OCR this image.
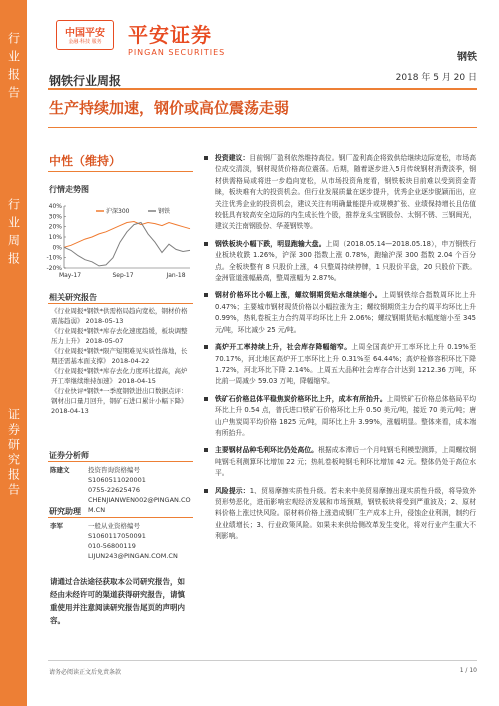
行业报告
行业周报
证券研究报告
中国平安
金融·科技 服务	平安证券
PINGAN SECURITIES	钢铁
钢铁行业周报	2018 年 5 月 20 日
生产持续加速，钢价或高位震荡走弱
中性（维持）
行情走势图
40%
30%
20%
10%
0%
-10%
-20%
May-17	Sep-17	Jan-18
沪深300	钢铁
相关研究报告
《行业周报*钢铁*供需格局趋向宽松，钢材价格震荡趋弱》 2018-05-13
《行业周报*钢铁*库存去化速度趋缓，板块调整压力上升》 2018-05-07
《行业周报*钢铁*限产短期难见实质性落地，长期还需基本面支撑》 2018-04-22
《行业周报*钢铁*库存去化力度环比提高，高炉开工率继续维持加速》 2018-04-15
《行业快评*钢铁*一季度钢铁进出口数据点评：钢材出口量月回升，钢矿石进口累计小幅下降》 2018-04-13
证券分析师
陈建文	投资咨询资格编号
S1060511020001
0755-22625476
CHENJIANWEN002@PINGAN.COM.CN
研究助理
李军	一般从业资格编号
S1060117050091
010-56800119
LIJUN243@PINGAN.COM.CN
请通过合法途径获取本公司研究报告，如经由未经许可的渠道获得研究报告，请慎重使用并注意阅读研究报告尾页的声明内容。
投资建议：目前钢厂盈利依然维持高位。钢厂盈利高企将致供给继续边际宽松，市场高位成交清淡，钢材现货价格高位震荡。后期，随着逐步进入5月传统钢材消费淡季，钢材供需格局或将进一步趋向宽松，从市场投资角度看，钢铁板块目前难以受到资金青睐，板块难有大的投资机会。但行业发展质量在逐步提升，优秀企业逐步脱颖而出，应关注优秀企业的投资机会，建议关注有明确量能提升或规模扩张、业绩保持增长且估值较低具有较高安全边际的内生成长性个股，推荐龙头宝钢股份、太钢不锈、三钢闽光，建议关注南钢股份、华菱钢铁等。
钢铁板块小幅下跌，明显跑输大盘。上周（2018.05.14—2018.05.18），申万钢铁行业板块收跌 1.26%，沪深 300 指数上涨 0.78%，跑输沪深 300 指数 2.04 个百分点。全板块整有 8 只股价上涨，4 只整周持续停牌，1 只股价平盘，20 只股价下跌。金洲管道涨幅最高，整周涨幅为 2.87%。
钢材价格环比小幅上涨，螺纹钢期货贴水继续缩小。上周钢铁综合指数周环比上升 0.47%；主要城市钢材现货价格以小幅拉涨为主；螺纹钢期货主力合约周平均环比上升 0.99%，热轧卷板主力合约周平均环比上升 2.06%；螺纹钢期货贴水幅度缩小至 345 元/吨，环比减少 25 元/吨。
高炉开工率持续上升，社会库存降幅缩窄。上周全国高炉开工率环比上升 0.19%至 70.17%，河北地区高炉开工率环比上升 0.31%至 64.44%；高炉检修容积环比下降 1.72%，河北环比下降 2.14%。上周五大品种社会库存合计达到 1212.36 万吨，环比前一周减少 59.03 万吨，降幅缩窄。
铁矿石价格总体平稳焦炭价格环比上升，成本有所抬升。上周铁矿石价格总体格局平均环比上升 0.54 点，普氏进口铁矿石价格环比上升 0.50 美元/吨，接近 70 美元/吨；唐山户焦炭周平均价格 1825 元/吨，周环比上升 3.99%，涨幅明显。整体来看，成本端有所抬升。
主要钢材品种毛利环比仍处高位。根据成本滞后一个月吨钢毛利模型测算，上周螺纹钢吨钢毛利测算环比增加 22 元；热轧卷板吨钢毛利环比增加 42 元。整体仍处于高位水平。
风险提示：1、贸易摩擦实质性升级。若未来中美贸易摩擦出现实质性升级，将导致外贸形势恶化，进而影响宏观经济发展和市场预期，钢铁板块将受到严重波及；2、原材料价格上涨过快风险。原材料价格上涨造成钢厂生产成本上升，侵蚀企业利润，制约行业业绩增长；3、行业政策风险。如果未来供给侧改革发生变化，将对行业产生重大不利影响。
请务必阅读正文后免责条款	1 / 10
